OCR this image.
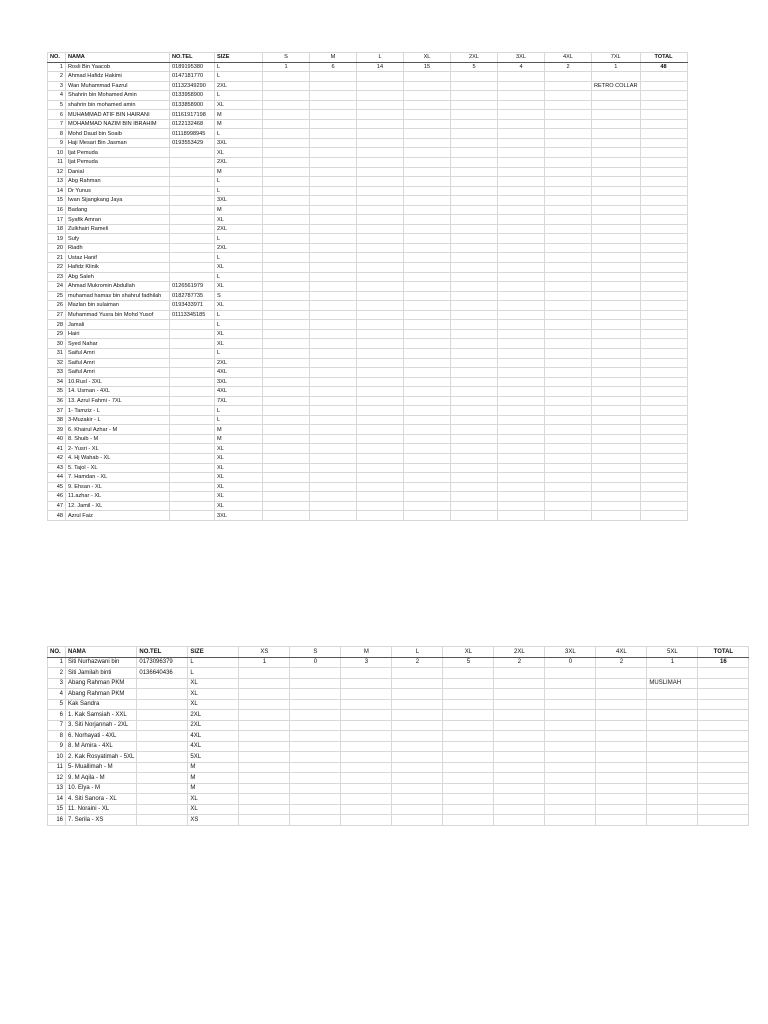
NO.	NAMA	NO.TEL	SIZE	S	M	L	XL	2XL	3XL	4XL	7XL	TOTAL
1	Rosli Bin Yaacob	0189195380	L	1	6	14	15	5	4	2	1	48
2	Ahmad Hafidz Hakimi	0147181770	L									
3	Wan Muhammad Fazrul	01132349290	2XL								RETRO COLLAR	
4	Shahrin bin Mohamed Amin	0133958900	L									
5	shahrin bin mohamed amin	0133858900	XL									
6	MUHAMMAD ATIF BIN HAIRANI	01161917198	M									
7	MOHAMMAD NAZIM BIN IBRAHIM	0122132468	M									
8	Mohd Daud bin Soaib	01118998945	L									
9	Haji Mesari Bin Jasman	0193553429	3XL									
10	Ijat Pemuda		XL									
11	Ijat Pemuda		2XL									
12	Danial		M									
13	Abg Rahman		L									
14	Dr Yunus		L									
15	Iwan Sijangkang Jaya		3XL									
16	Badang		M									
17	Syafik Amran		XL									
18	Zulkhairi Rameli		2XL									
19	Sufy		L									
20	Riadh		2XL									
21	Ustaz Hanif		L									
22	Hafidz Klinik		XL									
23	Abg Saleh		L									
24	Ahmad Mukromin Abdullah	0126561979	XL									
25	muhamad hamas bin shahrul fadhilah	0182787735	S									
26	Mazlan bin sulaiman	0193433971	XL									
27	Muhammad Yusra bin Mohd Yusof	01113345185	L									
28	Jamali		L									
29	Hairi		XL									
30	Syed Nahar		XL									
31	Saiful Amri		L									
32	Saiful Amri		2XL									
33	Saiful Amri		4XL									
34	10.Rusl - 3XL		3XL									
35	14. Usman - 4XL		4XL									
36	13. Azrul Fahmi - 7XL		7XL									
37	1- Tamziz - L		L									
38	3-Muzakir - L		L									
39	6. Khairul Azhar - M		M									
40	8. Shuib - M		M									
41	2- Yusri - XL		XL									
42	4. Hj Wahab - XL		XL									
43	5. Tajol - XL		XL									
44	7. Hamdan - XL		XL									
45	9. Ehsan - XL		XL									
46	11.azhar - XL		XL									
47	12. Jamil - XL		XL									
48	Azrul Faiz		3XL									
NO.	NAMA	NO.TEL	SIZE	XS	S	M	L	XL	2XL	3XL	4XL	5XL	TOTAL
1	Siti Nurhazwani bin	0173096379	L	1	0	3	2	5	2	0	2	1	16
2	Siti Jamilah binti	0136640436	L										
3	Abang Rahman PKM		XL									MUSLIMAH	
4	Abang Rahman PKM		XL										
5	Kak Sandra		XL										
6	1. Kak Samsiah - XXL		2XL										
7	3. Siti Norjannah - 2XL		2XL										
8	6. Norhayati - 4XL		4XL										
9	8. M Amira - 4XL		4XL										
10	2. Kak Rosyatimah - 5XL		5XL										
11	5- Muallimah - M		M										
12	9. M Aqila - M		M										
13	10. Elya - M		M										
14	4. Siti Sanora - XL		XL										
15	11. Noraini - XL		XL										
16	7. Serila - XS		XS										
